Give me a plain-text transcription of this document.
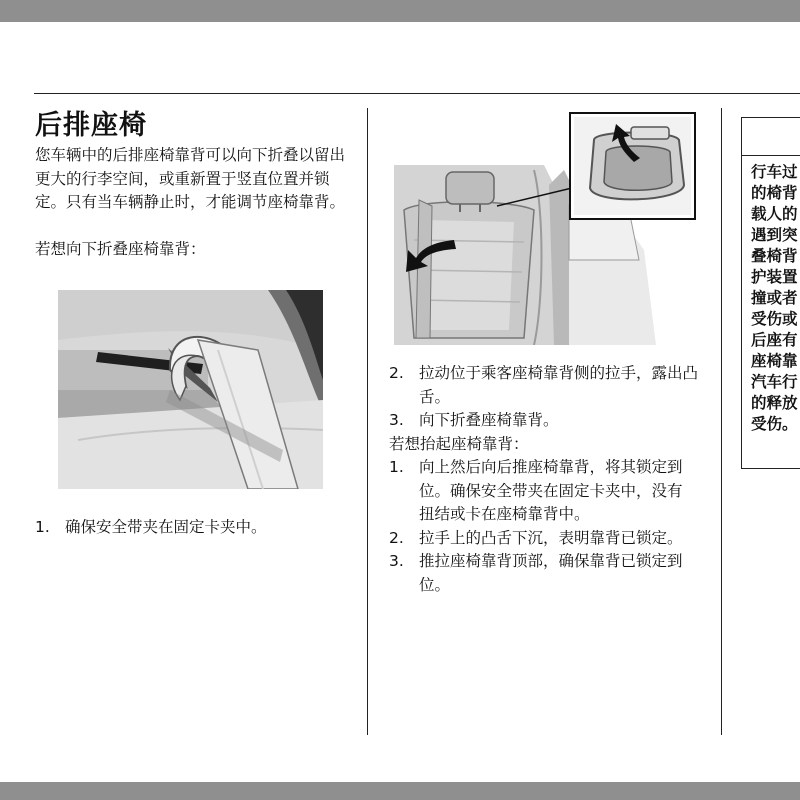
后排座椅

您车辆中的后排座椅靠背可以向下折叠以留出更大的行李空间，或重新置于竖直位置并锁定。只有当车辆静止时，才能调节座椅靠背。

若想向下折叠座椅靠背：

1. 确保安全带夹在固定卡夹中。
2. 拉动位于乘客座椅靠背侧的拉手，露出凸舌。
3. 向下折叠座椅靠背。

若想抬起座椅靠背：

1. 向上然后向后推座椅靠背，将其锁定到位。确保安全带夹在固定卡夹中，没有扭结或卡在座椅靠背中。
2. 拉手上的凸舌下沉，表明靠背已锁定。
3. 推拉座椅靠背顶部，确保靠背已锁定到位。
行车过
的椅背
载人的
遇到突
叠椅背
护装置
撞或者
受伤或
后座有
座椅靠
汽车行
的释放
受伤。
